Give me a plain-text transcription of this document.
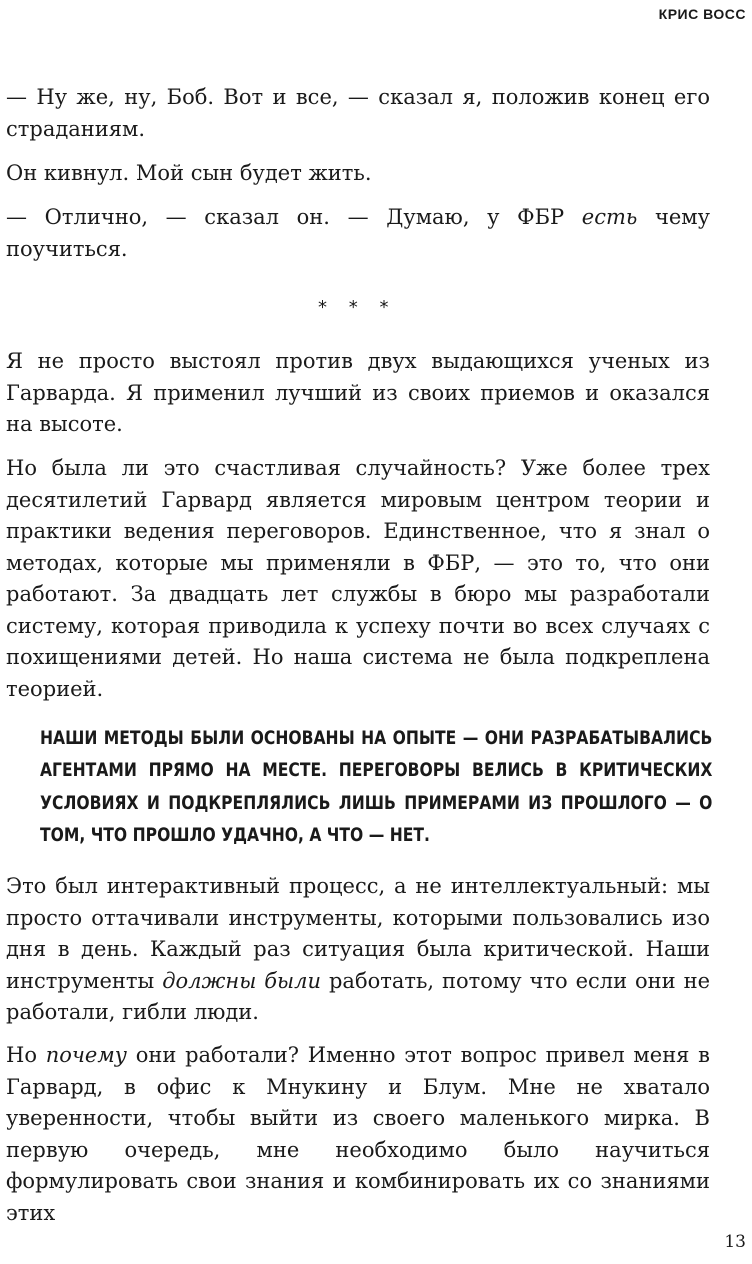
КРИС ВОСС

— Ну же, ну, Боб. Вот и все, — сказал я, положив конец его страданиям.

Он кивнул. Мой сын будет жить.

— Отлично, — сказал он. — Думаю, у ФБР есть чему поучиться.

* * *

Я не просто выстоял против двух выдающихся ученых из Гарварда. Я применил лучший из своих приемов и оказался на высоте.

Но была ли это счастливая случайность? Уже более трех десятилетий Гарвард является мировым центром теории и практики ведения переговоров. Единственное, что я знал о методах, которые мы применяли в ФБР, — это то, что они работают. За двадцать лет службы в бюро мы разработали систему, которая приводила к успеху почти во всех случаях с похищениями детей. Но наша система не была подкреплена теорией.

НАШИ МЕТОДЫ БЫЛИ ОСНОВАНЫ НА ОПЫТЕ — ОНИ РАЗРАБАТЫВАЛИСЬ АГЕНТАМИ ПРЯМО НА МЕСТЕ. ПЕРЕГОВОРЫ ВЕЛИСЬ В КРИТИЧЕСКИХ УСЛОВИЯХ И ПОДКРЕПЛЯЛИСЬ ЛИШЬ ПРИМЕРАМИ ИЗ ПРОШЛОГО — О ТОМ, ЧТО ПРОШЛО УДАЧНО, А ЧТО — НЕТ.

Это был интерактивный процесс, а не интеллектуальный: мы просто оттачивали инструменты, которыми пользовались изо дня в день. Каждый раз ситуация была критической. Наши инструменты должны были работать, потому что если они не работали, гибли люди.

Но почему они работали? Именно этот вопрос привел меня в Гарвард, в офис к Мнукину и Блум. Мне не хватало уверенности, чтобы выйти из своего маленького мирка. В первую очередь, мне необходимо было научиться формулировать свои знания и комбинировать их со знаниями этих

13
